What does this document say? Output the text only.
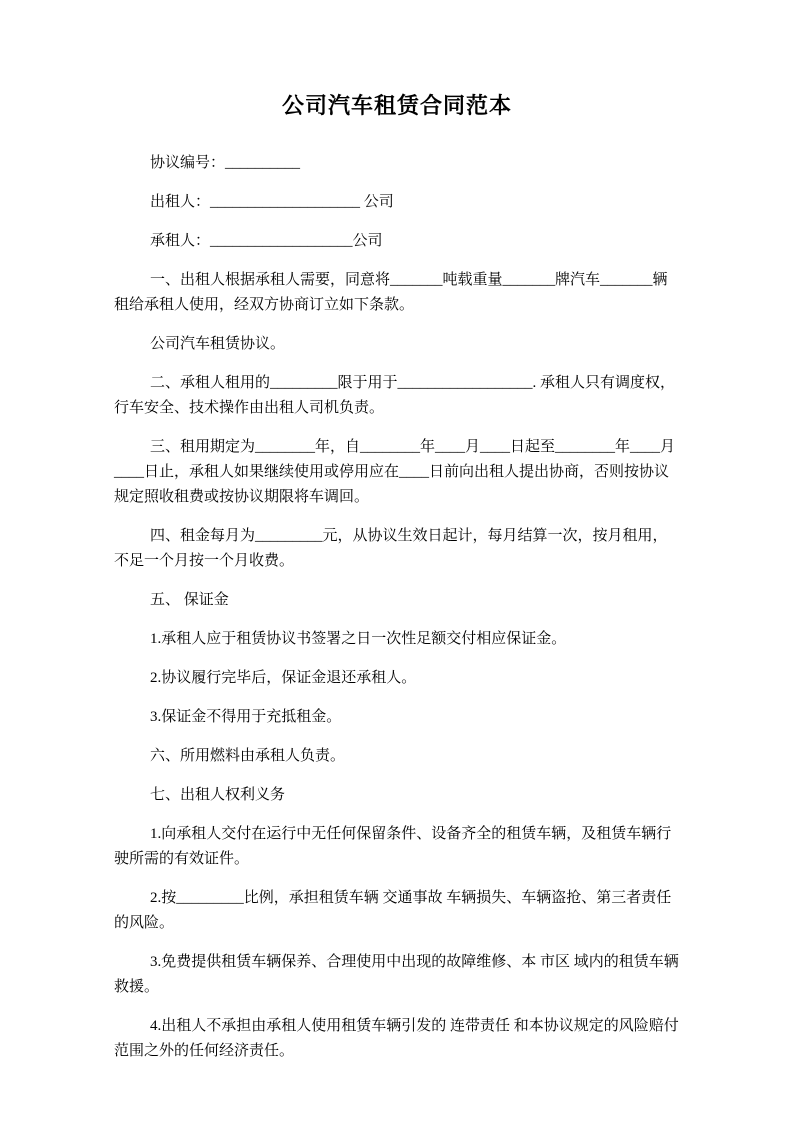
公司汽车租赁合同范本

协议编号：__________

出租人：____________________ 公司

承租人：___________________公司

一、出租人根据承租人需要，同意将_______吨载重量_______牌汽车_______辆租给承租人使用，经双方协商订立如下条款。

公司汽车租赁协议。

二、承租人租用的_________限于用于__________________. 承租人只有调度权，行车安全、技术操作由出租人司机负责。

三、租用期定为________年，自________年____月____日起至________年____月____日止，承租人如果继续使用或停用应在____日前向出租人提出协商，否则按协议规定照收租费或按协议期限将车调回。

四、租金每月为_________元，从协议生效日起计，每月结算一次，按月租用，不足一个月按一个月收费。

五、 保证金

1.承租人应于租赁协议书签署之日一次性足额交付相应保证金。

2.协议履行完毕后，保证金退还承租人。

3.保证金不得用于充抵租金。

六、所用燃料由承租人负责。

七、出租人权利义务

1.向承租人交付在运行中无任何保留条件、设备齐全的租赁车辆，及租赁车辆行驶所需的有效证件。

2.按_________比例，承担租赁车辆 交通事故 车辆损失、车辆盗抢、第三者责任的风险。

3.免费提供租赁车辆保养、合理使用中出现的故障维修、本 市区 域内的租赁车辆救援。

4.出租人不承担由承租人使用租赁车辆引发的 连带责任 和本协议规定的风险赔付范围之外的任何经济责任。
